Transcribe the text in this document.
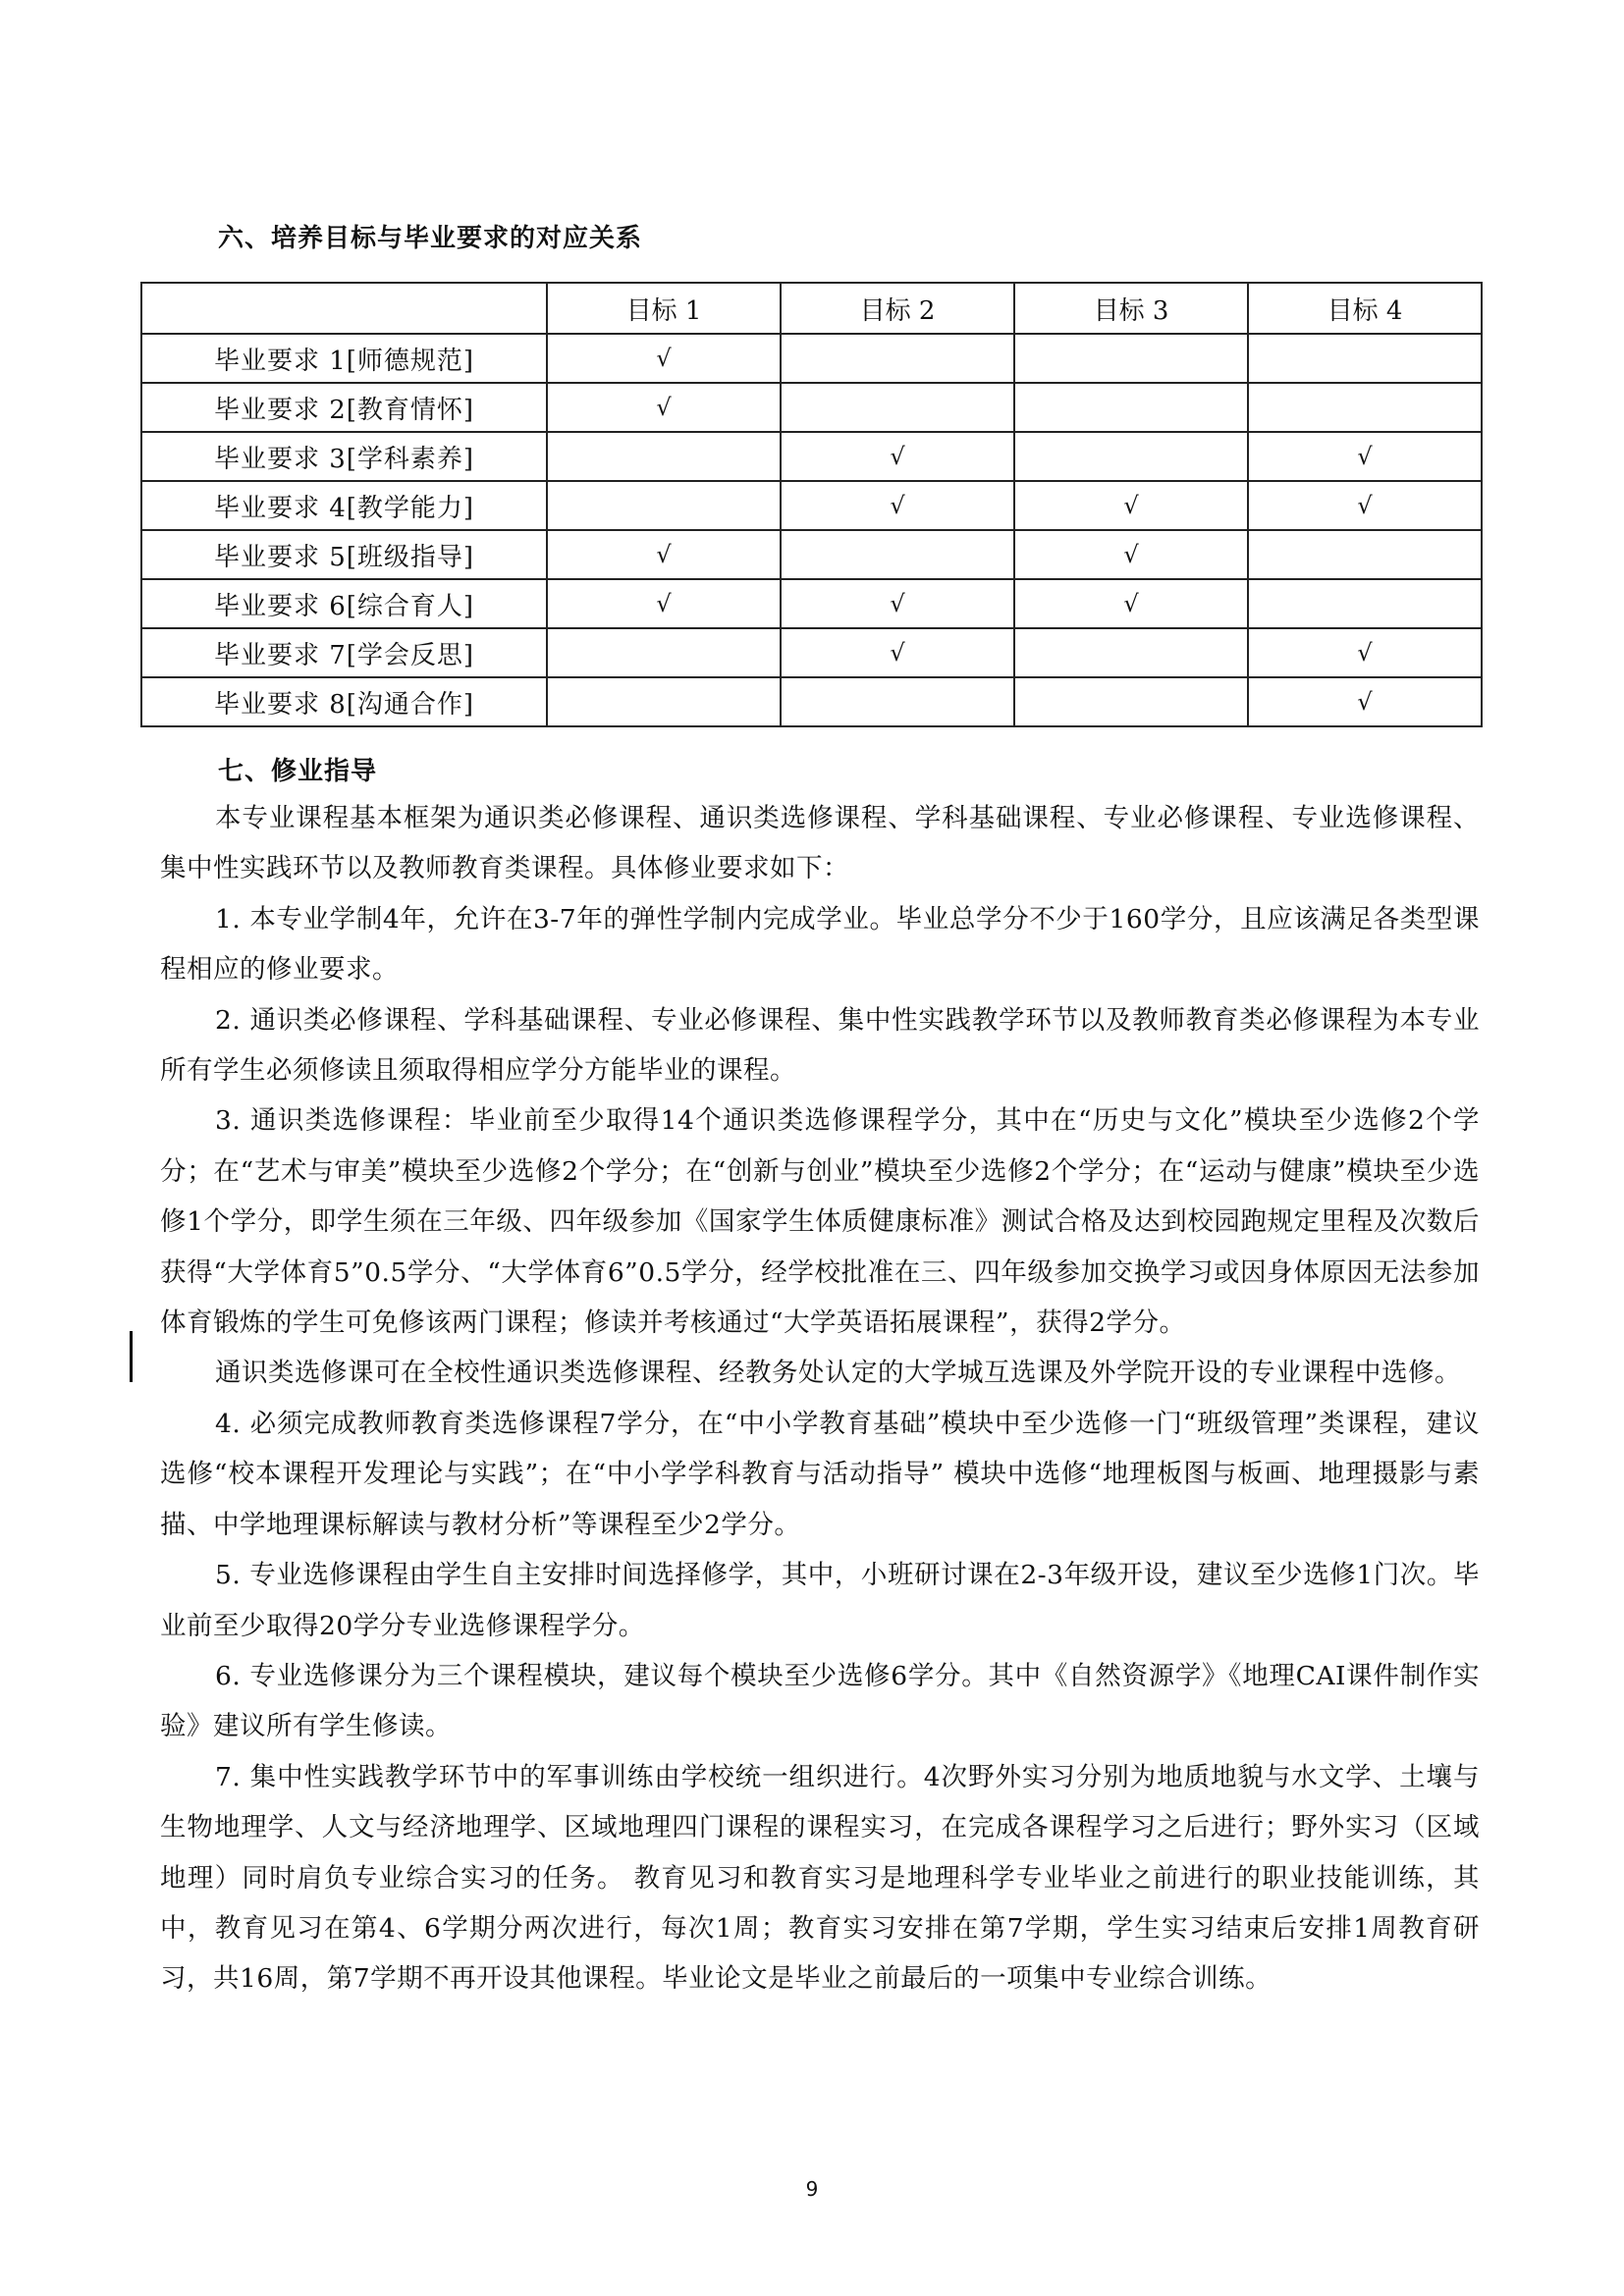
六、培养目标与毕业要求的对应关系
	目标 1	目标 2	目标 3	目标 4
毕业要求 1[师德规范]	√			
毕业要求 2[教育情怀]	√			
毕业要求 3[学科素养]		√		√
毕业要求 4[教学能力]		√	√	√
毕业要求 5[班级指导]	√		√	
毕业要求 6[综合育人]	√	√	√	
毕业要求 7[学会反思]		√		√
毕业要求 8[沟通合作]				√
七、修业指导

本专业课程基本框架为通识类必修课程、通识类选修课程、学科基础课程、专业必修课程、专业选修课程、集中性实践环节以及教师教育类课程。具体修业要求如下：

1. 本专业学制4年，允许在3-7年的弹性学制内完成学业。毕业总学分不少于160学分，且应该满足各类型课程相应的修业要求。

2. 通识类必修课程、学科基础课程、专业必修课程、集中性实践教学环节以及教师教育类必修课程为本专业所有学生必须修读且须取得相应学分方能毕业的课程。

3. 通识类选修课程：毕业前至少取得14个通识类选修课程学分，其中在“历史与文化”模块至少选修2个学分；在“艺术与审美”模块至少选修2个学分；在“创新与创业”模块至少选修2个学分；在“运动与健康”模块至少选修1个学分，即学生须在三年级、四年级参加《国家学生体质健康标准》测试合格及达到校园跑规定里程及次数后获得“大学体育5”0.5学分、“大学体育6”0.5学分，经学校批准在三、四年级参加交换学习或因身体原因无法参加体育锻炼的学生可免修该两门课程；修读并考核通过“大学英语拓展课程”，获得2学分。

通识类选修课可在全校性通识类选修课程、经教务处认定的大学城互选课及外学院开设的专业课程中选修。

4. 必须完成教师教育类选修课程7学分，在“中小学教育基础”模块中至少选修一门“班级管理”类课程，建议选修“校本课程开发理论与实践”；在“中小学学科教育与活动指导” 模块中选修“地理板图与板画、地理摄影与素描、中学地理课标解读与教材分析”等课程至少2学分。

5. 专业选修课程由学生自主安排时间选择修学，其中，小班研讨课在2-3年级开设，建议至少选修1门次。毕业前至少取得20学分专业选修课程学分。

6. 专业选修课分为三个课程模块，建议每个模块至少选修6学分。其中《自然资源学》《地理CAI课件制作实验》建议所有学生修读。

7. 集中性实践教学环节中的军事训练由学校统一组织进行。4次野外实习分别为地质地貌与水文学、土壤与生物地理学、人文与经济地理学、区域地理四门课程的课程实习，在完成各课程学习之后进行；野外实习（区域地理）同时肩负专业综合实习的任务。 教育见习和教育实习是地理科学专业毕业之前进行的职业技能训练，其中，教育见习在第4、6学期分两次进行，每次1周；教育实习安排在第7学期，学生实习结束后安排1周教育研习，共16周，第7学期不再开设其他课程。毕业论文是毕业之前最后的一项集中专业综合训练。

9
